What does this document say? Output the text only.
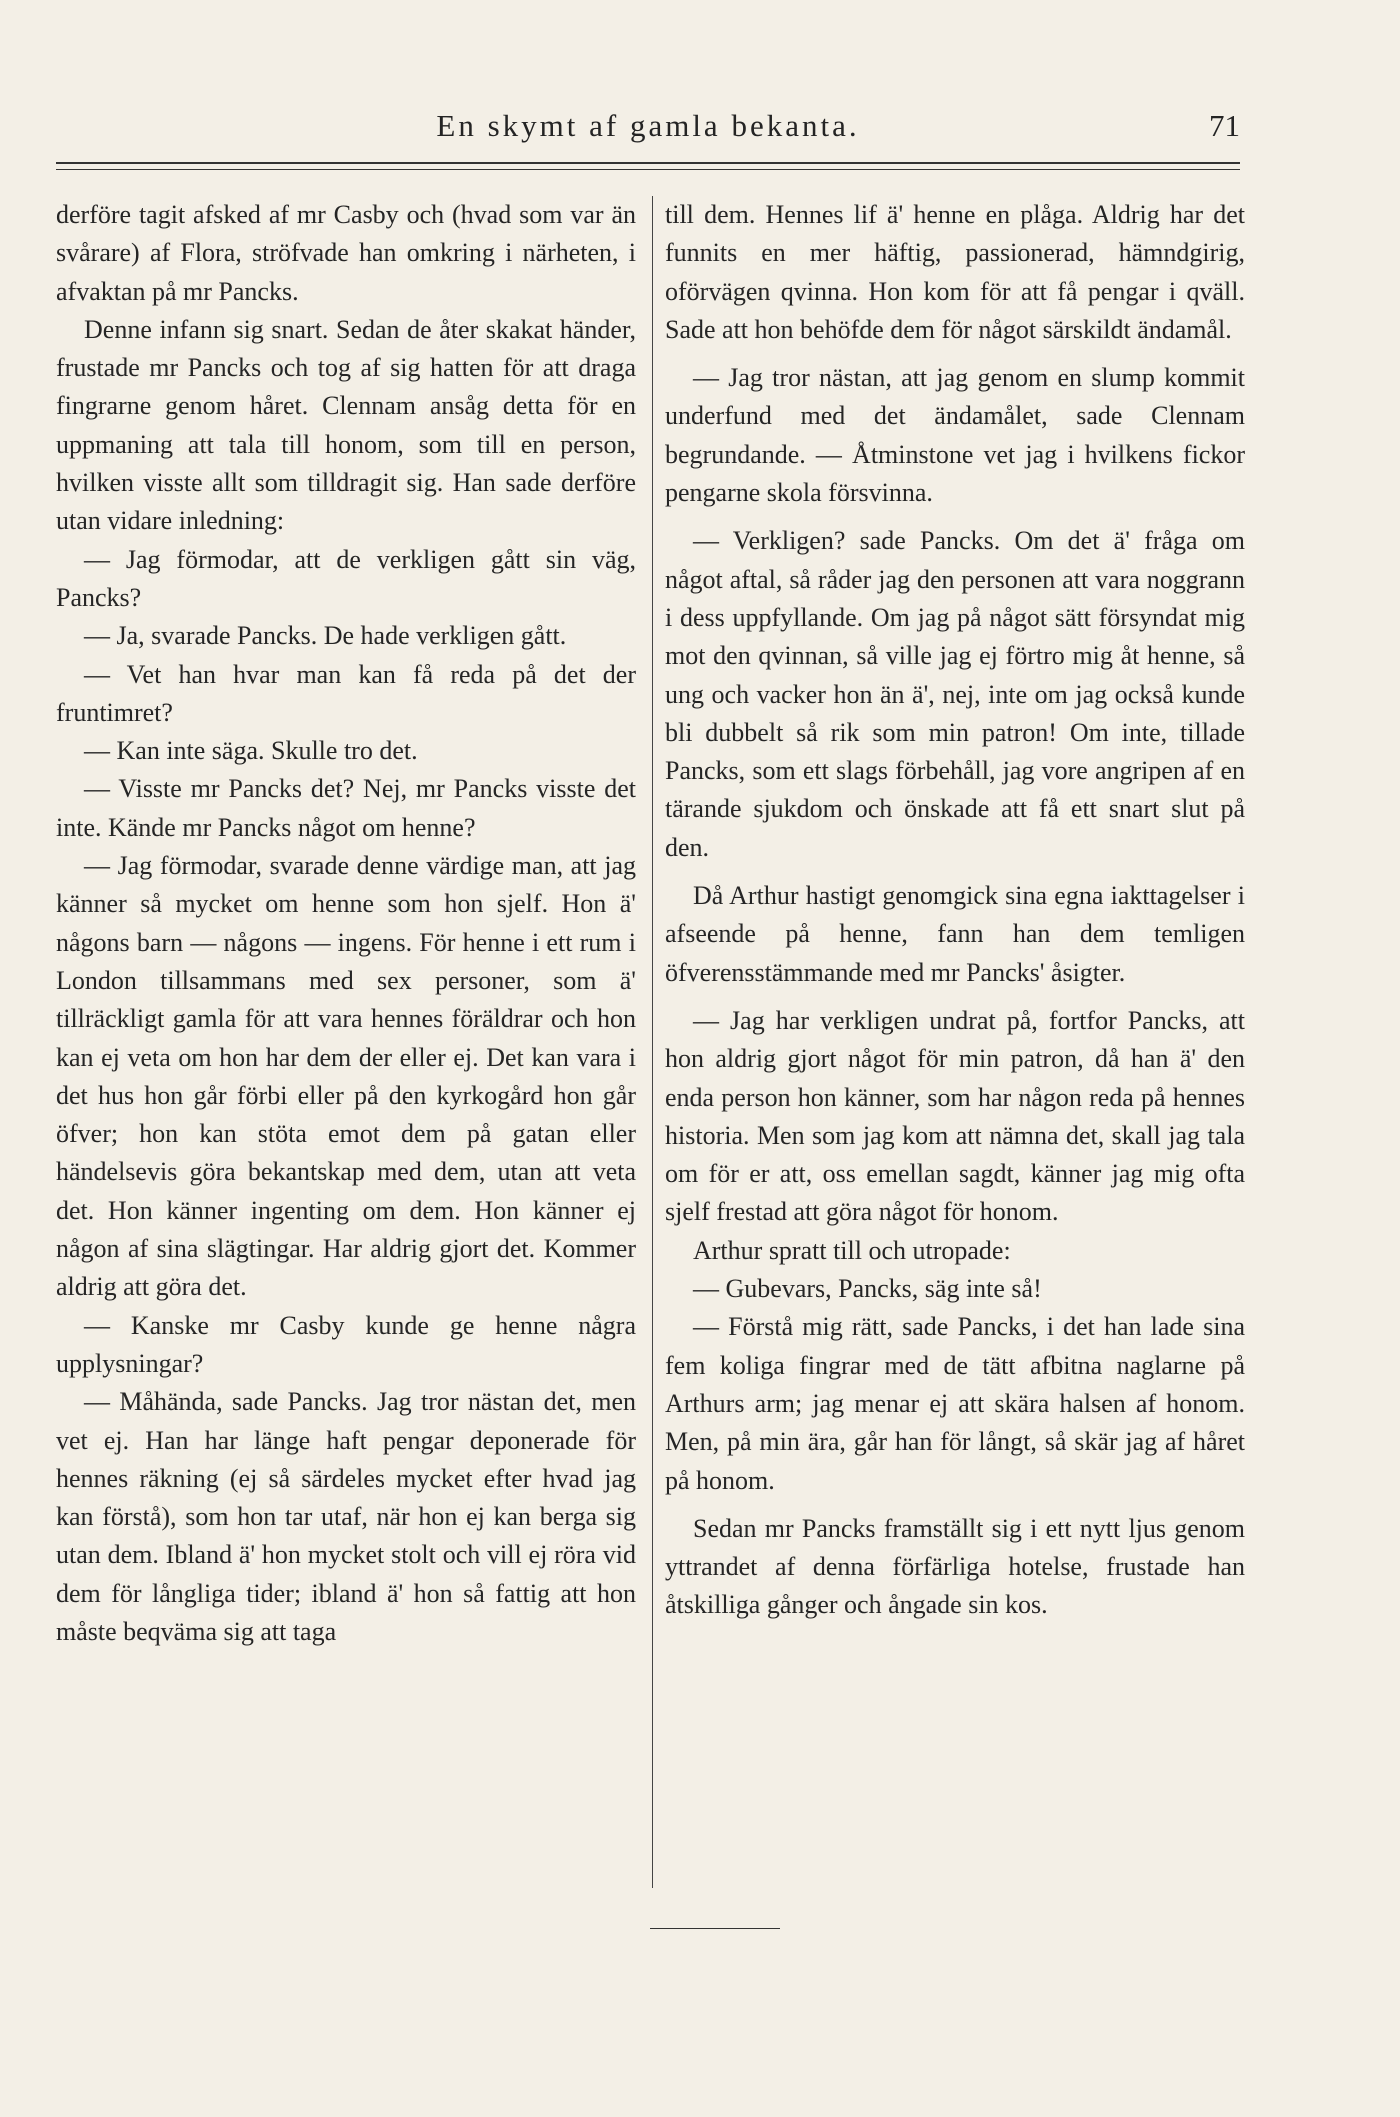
En skymt af gamla bekanta.	71

derföre tagit afsked af mr Casby och (hvad som var än svårare) af Flora, ströfvade han omkring i närheten, i afvaktan på mr Pancks.

Denne infann sig snart. Sedan de åter skakat händer, frustade mr Pancks och tog af sig hatten för att draga fingrarne genom håret. Clennam ansåg detta för en uppmaning att tala till honom, som till en person, hvilken visste allt som tilldragit sig. Han sade derföre utan vidare inledning:

— Jag förmodar, att de verkligen gått sin väg, Pancks?

— Ja, svarade Pancks. De hade verkligen gått.

— Vet han hvar man kan få reda på det der fruntimret?

— Kan inte säga. Skulle tro det.

— Visste mr Pancks det? Nej, mr Pancks visste det inte. Kände mr Pancks något om henne?

— Jag förmodar, svarade denne värdige man, att jag känner så mycket om henne som hon sjelf. Hon ä' någons barn — någons — ingens. För henne i ett rum i London tillsammans med sex personer, som ä' tillräckligt gamla för att vara hennes föräldrar och hon kan ej veta om hon har dem der eller ej. Det kan vara i det hus hon går förbi eller på den kyrkogård hon går öfver; hon kan stöta emot dem på gatan eller händelsevis göra bekantskap med dem, utan att veta det. Hon känner ingenting om dem. Hon känner ej någon af sina slägtingar. Har aldrig gjort det. Kommer aldrig att göra det.

— Kanske mr Casby kunde ge henne några upplysningar?

— Måhända, sade Pancks. Jag tror nästan det, men vet ej. Han har länge haft pengar deponerade för hennes räkning (ej så särdeles mycket efter hvad jag kan förstå), som hon tar utaf, när hon ej kan berga sig utan dem. Ibland ä' hon mycket stolt och vill ej röra vid dem för långliga tider; ibland ä' hon så fattig att hon måste beqväma sig att taga

till dem. Hennes lif ä' henne en plåga. Aldrig har det funnits en mer häftig, passionerad, hämndgirig, oförvägen qvinna. Hon kom för att få pengar i qväll. Sade att hon behöfde dem för något särskildt ändamål.

— Jag tror nästan, att jag genom en slump kommit underfund med det ändamålet, sade Clennam begrundande. — Åtminstone vet jag i hvilkens fickor pengarne skola försvinna.

— Verkligen? sade Pancks. Om det ä' fråga om något aftal, så råder jag den personen att vara noggrann i dess uppfyllande. Om jag på något sätt försyndat mig mot den qvinnan, så ville jag ej förtro mig åt henne, så ung och vacker hon än ä', nej, inte om jag också kunde bli dubbelt så rik som min patron! Om inte, tillade Pancks, som ett slags förbehåll, jag vore angripen af en tärande sjukdom och önskade att få ett snart slut på den.

Då Arthur hastigt genomgick sina egna iakttagelser i afseende på henne, fann han dem temligen öfverensstämmande med mr Pancks' åsigter.

— Jag har verkligen undrat på, fortfor Pancks, att hon aldrig gjort något för min patron, då han ä' den enda person hon känner, som har någon reda på hennes historia. Men som jag kom att nämna det, skall jag tala om för er att, oss emellan sagdt, känner jag mig ofta sjelf frestad att göra något för honom.

Arthur spratt till och utropade:

— Gubevars, Pancks, säg inte så!

— Förstå mig rätt, sade Pancks, i det han lade sina fem koliga fingrar med de tätt afbitna naglarne på Arthurs arm; jag menar ej att skära halsen af honom. Men, på min ära, går han för långt, så skär jag af håret på honom.

Sedan mr Pancks framställt sig i ett nytt ljus genom yttrandet af denna förfärliga hotelse, frustade han åtskilliga gånger och ångade sin kos.
